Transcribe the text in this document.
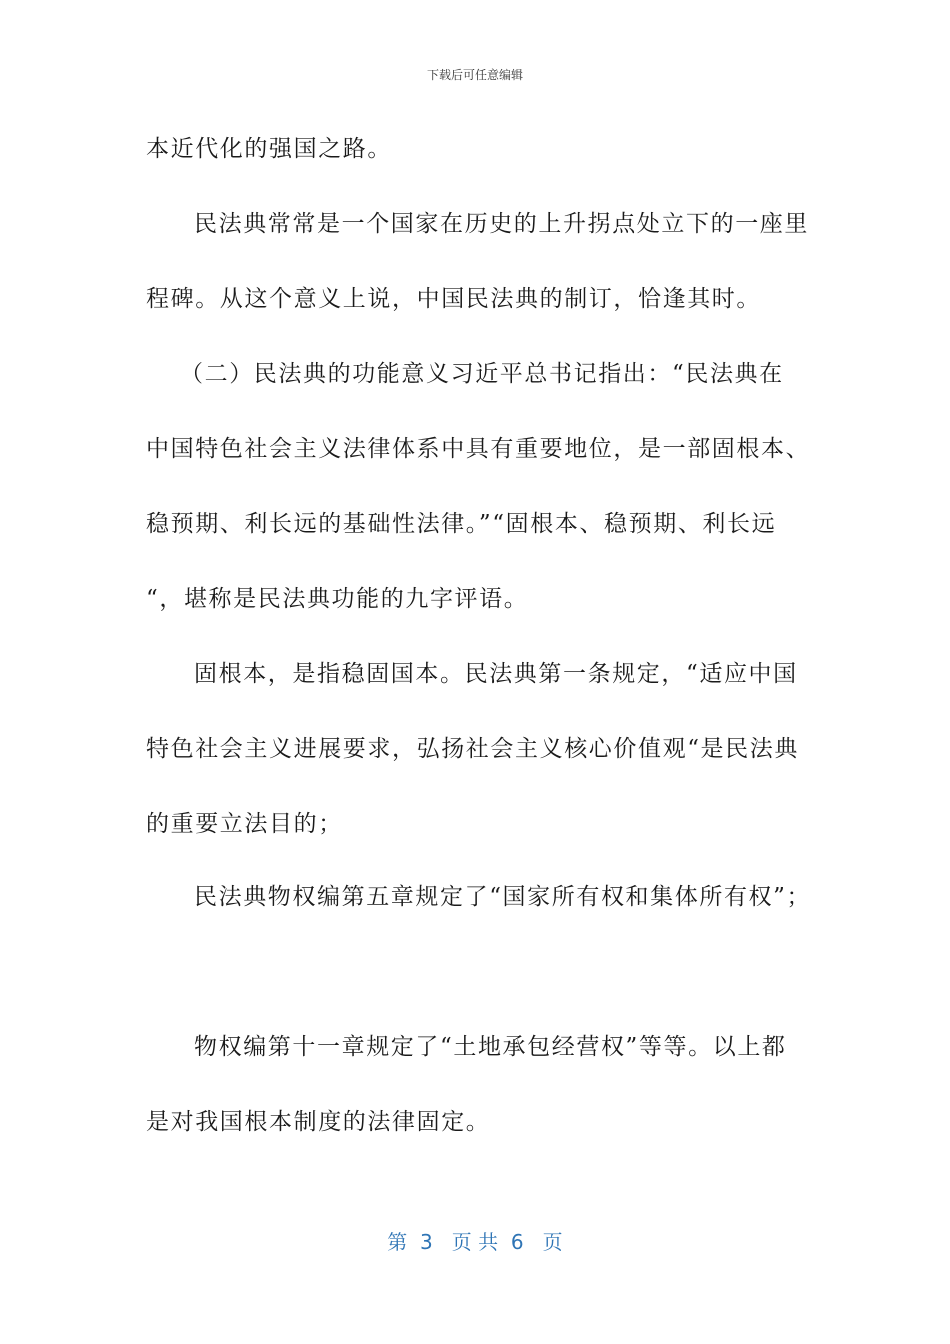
下载后可任意编辑
本近代化的强国之路。
民法典常常是一个国家在历史的上升拐点处立下的一座里
程碑。从这个意义上说，中国民法典的制订，恰逢其时。
（二）民法典的功能意义习近平总书记指出：“民法典在
中国特色社会主义法律体系中具有重要地位，是一部固根本、
稳预期、利长远的基础性法律。”“固根本、稳预期、利长远
“，堪称是民法典功能的九字评语。
固根本，是指稳固国本。民法典第一条规定，“适应中国
特色社会主义进展要求，弘扬社会主义核心价值观“是民法典
的重要立法目的；
民法典物权编第五章规定了“国家所有权和集体所有权”；
物权编第十一章规定了“土地承包经营权”等等。以上都
是对我国根本制度的法律固定。
第  3   页 共  6   页
